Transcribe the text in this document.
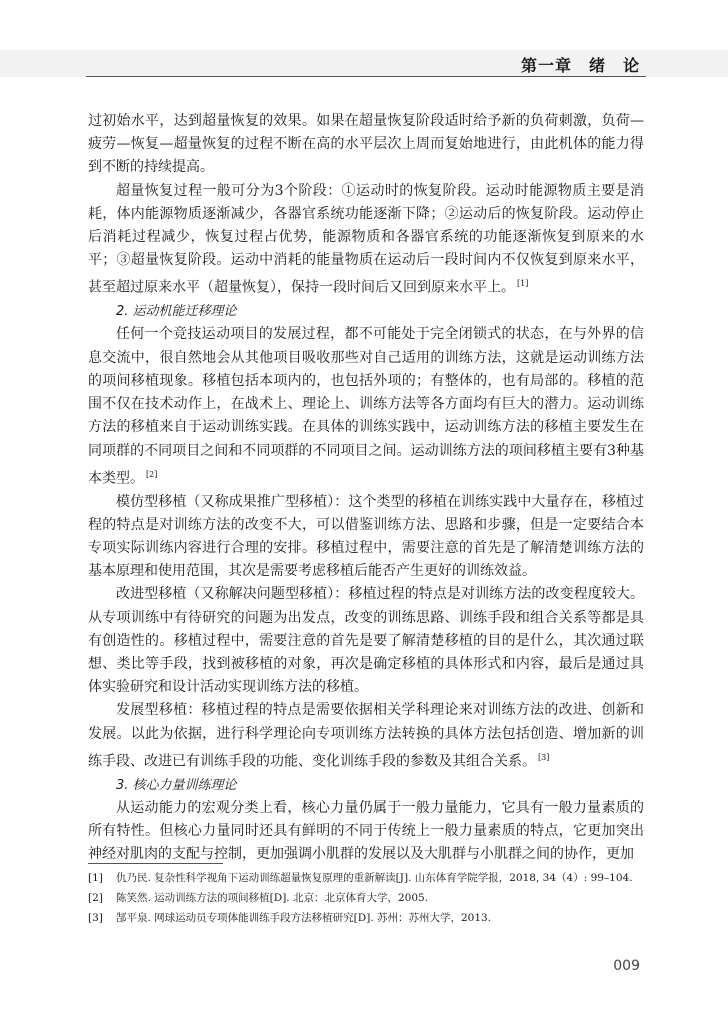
第一章　绪　论

过初始水平，达到超量恢复的效果。如果在超量恢复阶段适时给予新的负荷刺激，负荷—疲劳—恢复—超量恢复的过程不断在高的水平层次上周而复始地进行，由此机体的能力得到不断的持续提高。

超量恢复过程一般可分为3个阶段：①运动时的恢复阶段。运动时能源物质主要是消耗，体内能源物质逐渐减少，各器官系统功能逐渐下降；②运动后的恢复阶段。运动停止后消耗过程减少，恢复过程占优势，能源物质和各器官系统的功能逐渐恢复到原来的水平；③超量恢复阶段。运动中消耗的能量物质在运动后一段时间内不仅恢复到原来水平，甚至超过原来水平（超量恢复），保持一段时间后又回到原来水平上。 [1]

2. 运动机能迁移理论

任何一个竞技运动项目的发展过程，都不可能处于完全闭锁式的状态，在与外界的信息交流中，很自然地会从其他项目吸收那些对自己适用的训练方法，这就是运动训练方法的项间移植现象。移植包括本项内的，也包括外项的；有整体的，也有局部的。移植的范围不仅在技术动作上，在战术上、理论上、训练方法等各方面均有巨大的潜力。运动训练方法的移植来自于运动训练实践。在具体的训练实践中，运动训练方法的移植主要发生在同项群的不同项目之间和不同项群的不同项目之间。运动训练方法的项间移植主要有3种基本类型。 [2]

模仿型移植（又称成果推广型移植）：这个类型的移植在训练实践中大量存在，移植过程的特点是对训练方法的改变不大，可以借鉴训练方法、思路和步骤，但是一定要结合本专项实际训练内容进行合理的安排。移植过程中，需要注意的首先是了解清楚训练方法的基本原理和使用范围，其次是需要考虑移植后能否产生更好的训练效益。

改进型移植（又称解决问题型移植）：移植过程的特点是对训练方法的改变程度较大。从专项训练中有待研究的问题为出发点，改变的训练思路、训练手段和组合关系等都是具有创造性的。移植过程中，需要注意的首先是要了解清楚移植的目的是什么，其次通过联想、类比等手段，找到被移植的对象，再次是确定移植的具体形式和内容，最后是通过具体实验研究和设计活动实现训练方法的移植。

发展型移植：移植过程的特点是需要依据相关学科理论来对训练方法的改进、创新和发展。以此为依据，进行科学理论向专项训练方法转换的具体方法包括创造、增加新的训练手段、改进已有训练手段的功能、变化训练手段的参数及其组合关系。 [3]

3. 核心力量训练理论

从运动能力的宏观分类上看，核心力量仍属于一般力量能力，它具有一般力量素质的所有特性。但核心力量同时还具有鲜明的不同于传统上一般力量素质的特点，它更加突出神经对肌肉的支配与控制，更加强调小肌群的发展以及大肌群与小肌群之间的协作，更加

[1]	仇乃民. 复杂性科学视角下运动训练超量恢复原理的重新解读[J]. 山东体育学院学报，2018, 34（4）: 99–104.
[2]	陈笑然. 运动训练方法的项间移植[D]. 北京：北京体育大学，2005.
[3]	郜平泉. 网球运动员专项体能训练手段方法移植研究[D]. 苏州：苏州大学，2013.
009
